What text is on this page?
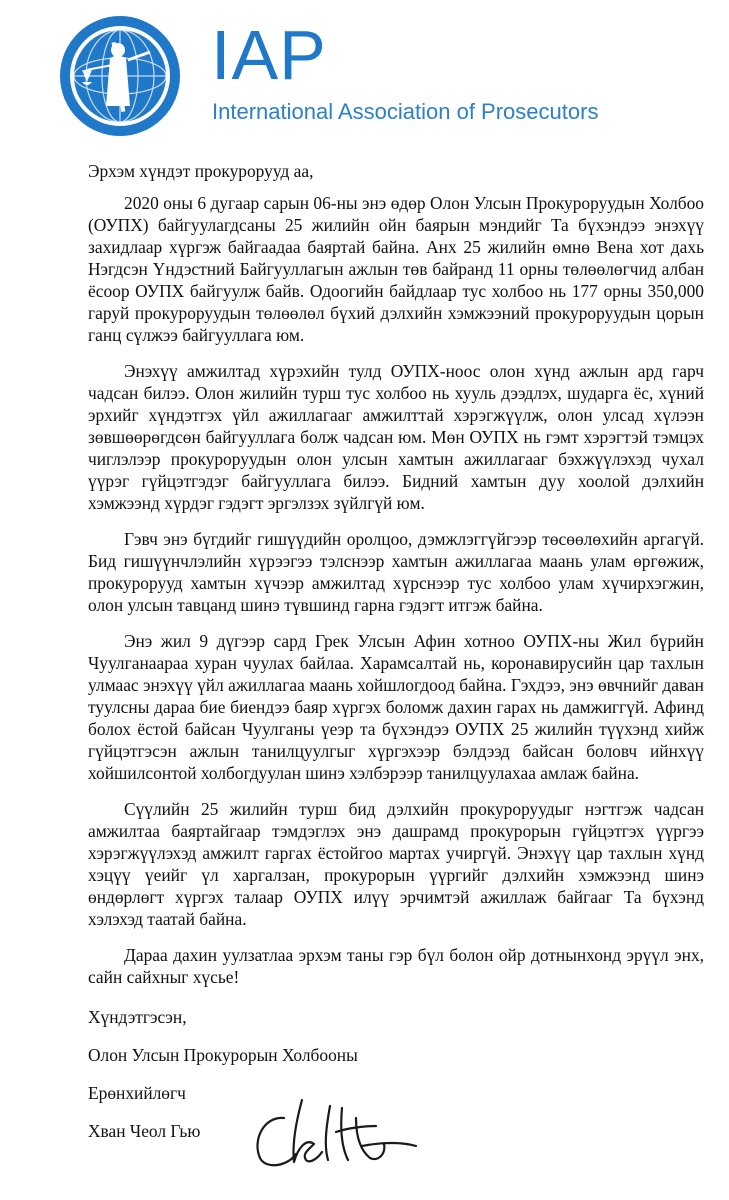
IAP
International Association of Prosecutors

Эрхэм хүндэт прокурорууд аа,

2020 оны 6 дугаар сарын 06-ны энэ өдөр Олон Улсын Прокуроруудын Холбоо (ОУПХ) байгуулагдсаны 25 жилийн ойн баярын мэндийг Та бүхэндээ энэхүү захидлаар хүргэж байгаадаа баяртай байна. Анх 25 жилийн өмнө Вена хот дахь Нэгдсэн Үндэстний Байгууллагын ажлын төв байранд 11 орны төлөөлөгчид албан ёсоор ОУПХ байгуулж байв. Одоогийн байдлаар тус холбоо нь 177 орны 350,000 гаруй прокуроруудын төлөөлөл бүхий дэлхийн хэмжээний прокуроруудын цорын ганц сүлжээ байгууллага юм.

Энэхүү амжилтад хүрэхийн тулд ОУПХ-ноос олон хүнд ажлын ард гарч чадсан билээ. Олон жилийн турш тус холбоо нь хууль дээдлэх, шударга ёс, хүний эрхийг хүндэтгэх үйл ажиллагааг амжилттай хэрэгжүүлж, олон улсад хүлээн зөвшөөрөгдсөн байгууллага болж чадсан юм. Мөн ОУПХ нь гэмт хэрэгтэй тэмцэх чиглэлээр прокуроруудын олон улсын хамтын ажиллагааг бэхжүүлэхэд чухал үүрэг гүйцэтгэдэг байгууллага билээ. Бидний хамтын дуу хоолой дэлхийн хэмжээнд хүрдэг гэдэгт эргэлзэх зүйлгүй юм.

Гэвч энэ бүгдийг гишүүдийн оролцоо, дэмжлэггүйгээр төсөөлөхийн аргагүй. Бид гишүүнчлэлийн хүрээгээ тэлснээр хамтын ажиллагаа маань улам өргөжиж, прокурорууд хамтын хүчээр амжилтад хүрснээр тус холбоо улам хүчирхэгжин, олон улсын тавцанд шинэ түвшинд гарна гэдэгт итгэж байна.

Энэ жил 9 дүгээр сард Грек Улсын Афин хотноо ОУПХ-ны Жил бүрийн Чуулганаараа хуран чуулах байлаа. Харамсалтай нь, коронавирусийн цар тахлын улмаас энэхүү үйл ажиллагаа маань хойшлогдоод байна. Гэхдээ, энэ өвчнийг даван туулсны дараа бие биендээ баяр хүргэх боломж дахин гарах нь дамжиггүй. Афинд болох ёстой байсан Чуулганы үеэр та бүхэндээ ОУПХ 25 жилийн түүхэнд хийж гүйцэтгэсэн ажлын танилцуулгыг хүргэхээр бэлдээд байсан боловч ийнхүү хойшилсонтой холбогдуулан шинэ хэлбэрээр танилцуулахаа амлаж байна.

Сүүлийн 25 жилийн турш бид дэлхийн прокуроруудыг нэгтгэж чадсан амжилтаа баяртайгаар тэмдэглэх энэ дашрамд прокурорын гүйцэтгэх үүргээ хэрэгжүүлэхэд амжилт гаргах ёстойгоо мартах учиргүй. Энэхүү цар тахлын хүнд хэцүү үеийг үл харгалзан, прокурорын үүргийг дэлхийн хэмжээнд шинэ өндөрлөгт хүргэх талаар ОУПХ илүү эрчимтэй ажиллаж байгааг Та бүхэнд хэлэхэд таатай байна.

Дараа дахин уулзатлаа эрхэм таны гэр бүл болон ойр дотнынхонд эрүүл энх, сайн сайхныг хүсье!

Хүндэтгэсэн,

Олон Улсын Прокурорын Холбооны

Ерөнхийлөгч

Хван Чеол Гью
